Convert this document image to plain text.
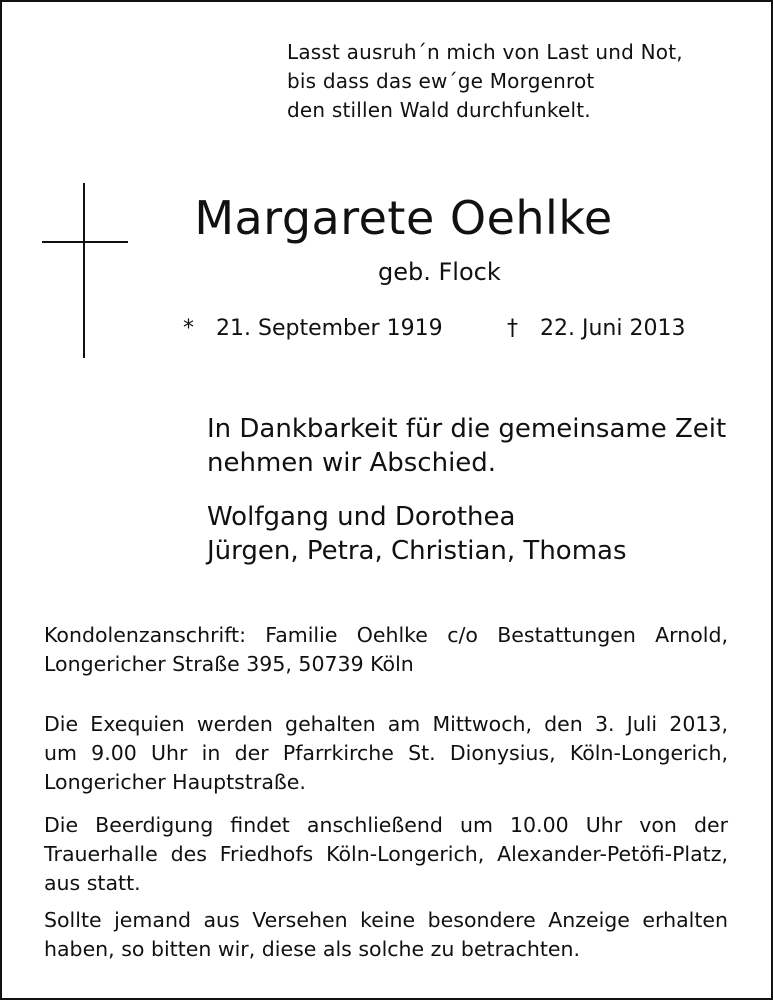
Lasst ausruh´n mich von Last und Not,
bis dass das ew´ge Morgenrot
den stillen Wald durchfunkelt.
Margarete Oehlke
geb. Flock
* 21. September 1919	† 22. Juni 2013
In Dankbarkeit für die gemeinsame Zeit
nehmen wir Abschied.
Wolfgang und Dorothea
Jürgen, Petra, Christian, Thomas
Kondolenzanschrift: Familie Oehlke c/o Bestattungen Arnold,
Longericher Straße 395, 50739 Köln
Die Exequien werden gehalten am Mittwoch, den 3. Juli 2013,
um 9.00 Uhr in der Pfarrkirche St. Dionysius, Köln-Longerich,
Longericher Hauptstraße.
Die Beerdigung findet anschließend um 10.00 Uhr von der
Trauerhalle des Friedhofs Köln-Longerich, Alexander-Petöfi-Platz,
aus statt.
Sollte jemand aus Versehen keine besondere Anzeige erhalten
haben, so bitten wir, diese als solche zu betrachten.
